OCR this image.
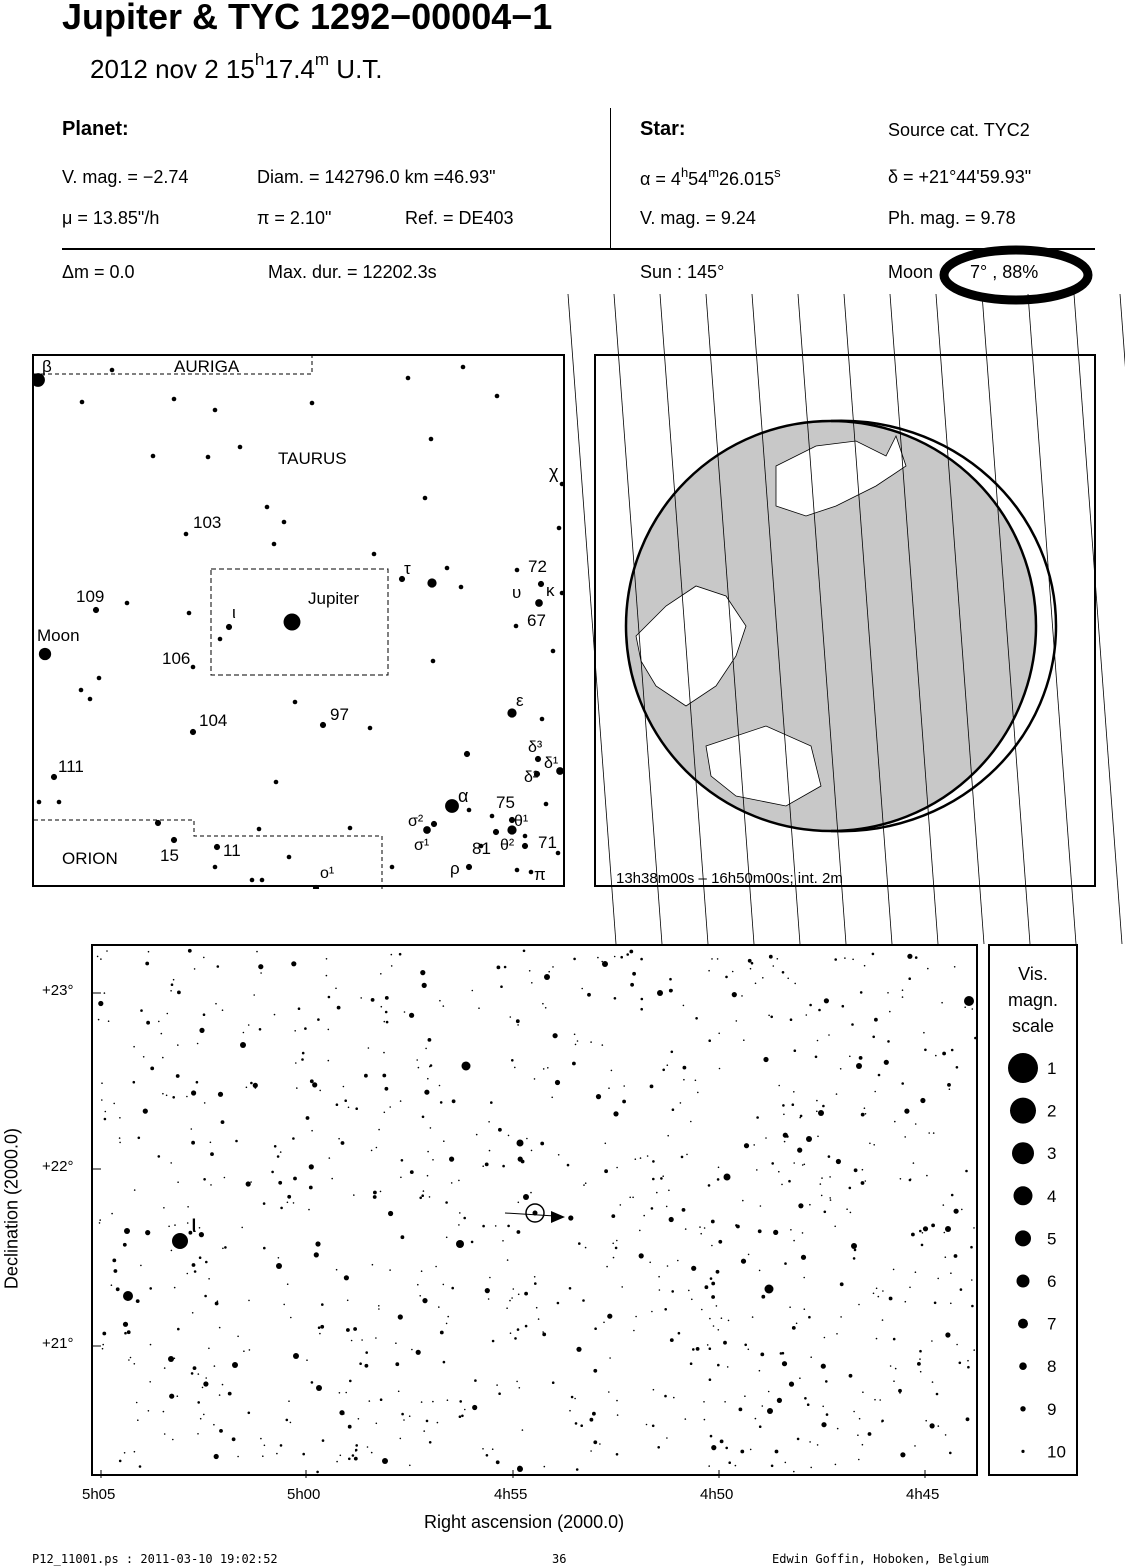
Jupiter & TYC 1292−00004−1
2012 nov 2 15$^h$17.4$^m$ U.T.
Planet:
V. mag. = −2.74	Diam. = 142796.0 km =46.93"
μ = 13.85"/h	π = 2.10"	Ref. = DE403
Star:	Source cat. TYC2
$\alpha = 4^h54^m26.015^s$	δ = +21°44'59.93"
V. mag. = 9.24	Ph. mag. = 9.78
Δm = 0.0	Max. dur. = 12202.3s	Sun : 145°	Moon 7° , 88%
AURIGA
TAURUS
ORION
Jupiter
Moon
β
χ
τ
ι
υ κ
ε
α
ρ	π
103
109
106
104	97
111
72
67
75
71
81
15	11
δ³
δ¹
δ²
θ¹
θ²
σ²
σ¹
o¹	13h38m00s – 16h50m00s; int. 2m
ι
+23°
+22°
+21°
5h05	5h00	4h55	4h50	4h45
Right ascension (2000.0)
Declination (2000.0)
Vis.
magn.
scale
1
2
3
4
5
6
7
8
9
10
P12_11001.ps : 2011-03-10 19:02:52	36	Edwin Goffin, Hoboken, Belgium
